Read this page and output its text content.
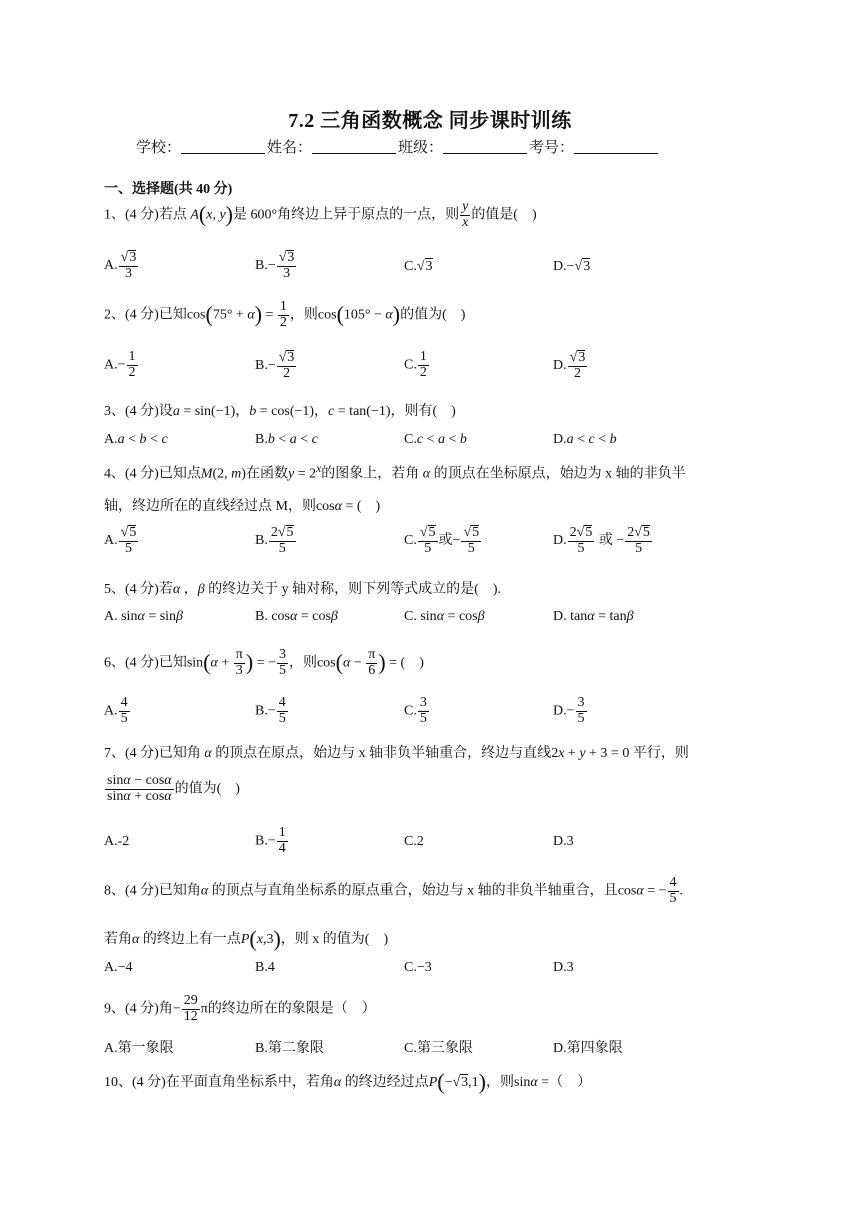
7.2 三角函数概念 同步课时训练
学校：	姓名：	班级：	考号：
一、选择题(共 40 分)
1、(4 分)若点 A(x, y)是 600°角终边上异于原点的一点，则 $\frac{y}{x}$ 的值是(　)
A. $\frac{√3}{3}$	$B.- \frac{√3}{3}$	C.√3	D.−√3
2、(4 分)已知$\cos(75^\circ + \alpha) = \frac{1}{2}$ ，则cos(105° − α)的值为(　)
$A.- \frac{1}{2}$	$B.- \frac{√3}{2}$	C. $\frac{1}{2}$	D. $\frac{√3}{2}$
3、(4 分)设a = sin(−1)，b = cos(−1)，c = tan(−1)，则有(　)
A.a < b < c	B.b < a < c	C.c < a < b	D.a < c < b
4、(4 分)已知点M(2, m)在函数$y = 2^x$的图象上，若角 α 的顶点在坐标原点，始边为 x 轴的非负半
轴，终边所在的直线经过点 M，则cosα = (　)
A. $\frac{√5}{5}$	B. $\frac{2√5}{5}$	C. $\frac{√5}{5}$ 或− $\frac{√5}{5}$	D. $\frac{2√5}{5}$ 或 − $\frac{2√5}{5}$
5、(4 分)若α ，β 的终边关于 y 轴对称，则下列等式成立的是(　).
A. sinα = sinβ	B. cosα = cosβ	C. sinα = cosβ	D. tanα = tanβ
6、(4 分)已知$\sin(\alpha + \frac{\pi}{3}$ ) = − $\frac{3}{5}$ ，则$\cos(\alpha - \frac{\pi}{6}$ ) = (　)
A. $\frac{4}{5}$	$B.- \frac{4}{5}$	C. $\frac{3}{5}$	$D.- \frac{3}{5}$
7、(4 分)已知角 α 的顶点在原点，始边与 x 轴非负半轴重合，终边与直线2x + y + 3 = 0 平行，则
$\frac{\sin\alpha - \cos\alpha}{\sin\alpha + \cos\alpha}$ 的值为(　)
A.-2	$B.- \frac{1}{4}$	C.2	D.3
8、(4 分)已知角α 的顶点与直角坐标系的原点重合，始边与 x 轴的非负半轴重合，且cosα = − $\frac{4}{5}$ .
若角α 的终边上有一点P(x,3)，则 x 的值为(　)
A.−4	B.4	C.−3	D.3
9、(4 分)角− $\frac{29}{12}$ π的终边所在的象限是（　）
A.第一象限	B.第二象限	C.第三象限	D.第四象限
10、(4 分)在平面直角坐标系中，若角α 的终边经过点P(−√3,1)，则sinα =（　）
